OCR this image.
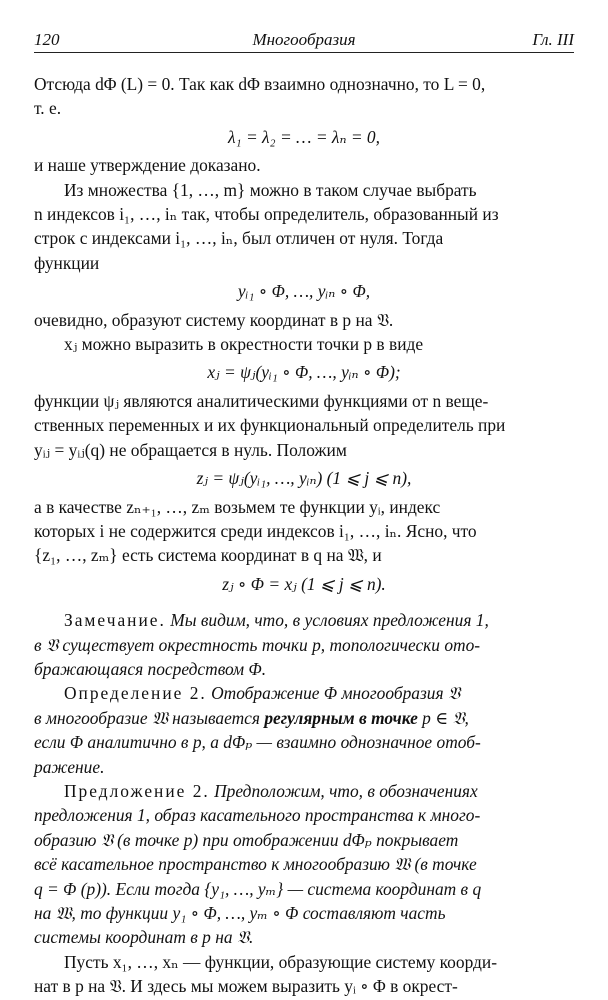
120	Многообразия	Гл. III

Отсюда dΦ (L) = 0. Так как dΦ взаимно однозначно, то L = 0,

т. е.

λ₁ = λ₂ = … = λₙ = 0,

и наше утверждение доказано.

Из множества {1, …, m} можно в таком случае выбрать

n индексов i₁, …, iₙ так, чтобы определитель, образованный из

строк с индексами i₁, …, iₙ, был отличен от нуля. Тогда

функции

yᵢ₁ ∘ Φ, …, yᵢₙ ∘ Φ,

очевидно, образуют систему координат в p на 𝔙.

xⱼ можно выразить в окрестности точки p в виде

xⱼ = ψⱼ(yᵢ₁ ∘ Φ, …, yᵢₙ ∘ Φ);

функции ψⱼ являются аналитическими функциями от n веще-

ственных переменных и их функциональный определитель при

yᵢⱼ = yᵢⱼ(q) не обращается в нуль. Положим

zⱼ = ψⱼ(yᵢ₁, …, yᵢₙ) (1 ⩽ j ⩽ n),

а в качестве zₙ₊₁, …, zₘ возьмем те функции yᵢ, индекс

которых i не содержится среди индексов i₁, …, iₙ. Ясно, что

{z₁, …, zₘ} есть система координат в q на 𝔚, и

zⱼ ∘ Φ = xⱼ (1 ⩽ j ⩽ n).

Замечание. Мы видим, что, в условиях предложения 1,

в 𝔙 существует окрестность точки p, топологически ото-

бражающаяся посредством Φ.

Определение 2. Отображение Φ многообразия 𝔙

в многообразие 𝔚 называется регулярным в точке p ∈ 𝔙,

если Φ аналитично в p, а dΦₚ — взаимно однозначное отоб-

ражение.

Предложение 2. Предположим, что, в обозначениях

предложения 1, образ касательного пространства к много-

образию 𝔙 (в точке p) при отображении dΦₚ покрывает

всё касательное пространство к многообразию 𝔚 (в точке

q = Φ (p)). Если тогда {y₁, …, yₘ} — система координат в q

на 𝔚, то функции y₁ ∘ Φ, …, yₘ ∘ Φ составляют часть

системы координат в p на 𝔙.

Пусть x₁, …, xₙ — функции, образующие систему коорди-

нат в p на 𝔙. И здесь мы можем выразить yᵢ ∘ Φ в окрест-
